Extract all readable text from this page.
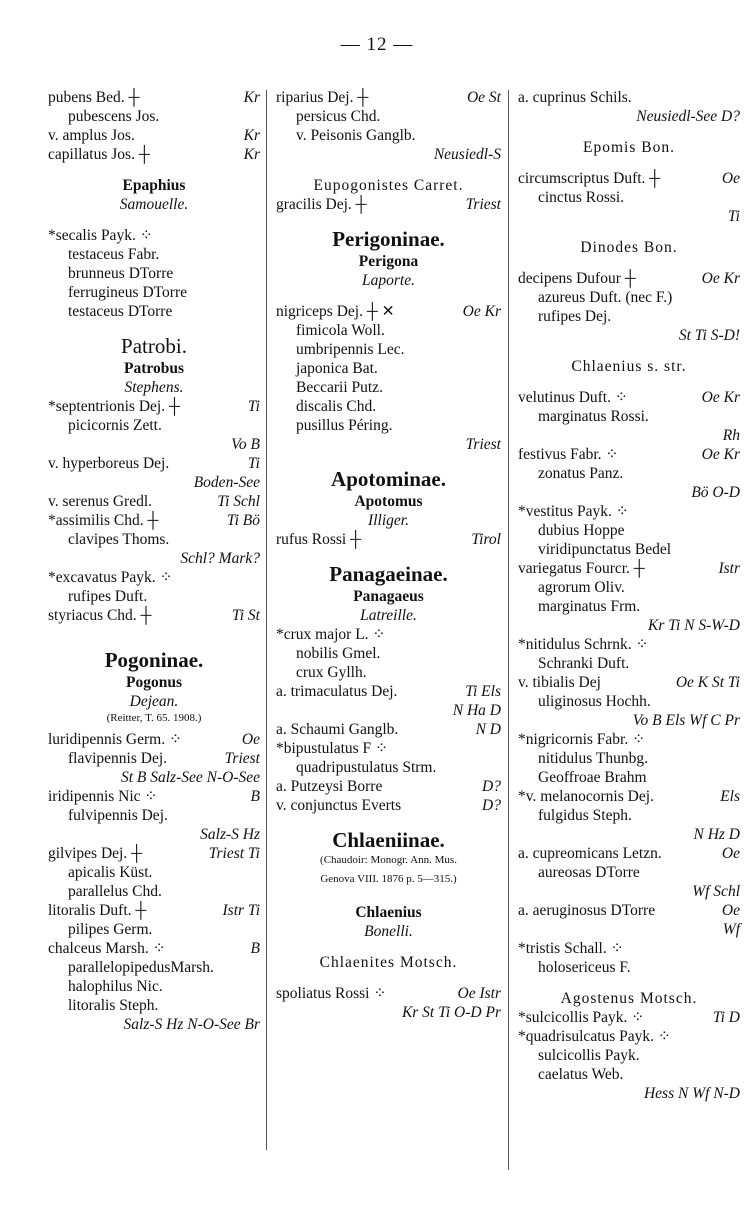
— 12 —
pubens Bed. ┼	Kr
pubescens Jos.
v. amplus Jos.	Kr
capillatus Jos. ┼	Kr
Epaphius
Samouelle.
*secalis Payk. ⁘
testaceus Fabr.
brunneus DTorre
ferrugineus DTorre
testaceus DTorre
Patrobi.
Patrobus
Stephens.
*septentrionis Dej. ┼	Ti
picicornis Zett.
Vo B
v. hyperboreus Dej.	Ti
Boden-See
v. serenus Gredl.	Ti Schl
*assimilis Chd. ┼	Ti Bö
clavipes Thoms.
Schl? Mark?
*excavatus Payk. ⁘
rufipes Duft.
styriacus Chd. ┼	Ti St
Pogoninae.
Pogonus
Dejean.
(Reitter, T. 65. 1908.)
luridipennis Germ. ⁘	Oe
flavipennis Dej.	Triest
St B Salz-See N-O-See
iridipennis Nic ⁘	B
fulvipennis Dej.
Salz-S Hz
gilvipes Dej. ┼	Triest Ti
apicalis Küst.
parallelus Chd.
litoralis Duft. ┼	Istr Ti
pilipes Germ.
chalceus Marsh. ⁘	B
parallelopipedusMarsh.
halophilus Nic.
litoralis Steph.
Salz-S Hz N-O-See Br
riparius Dej. ┼	Oe St
persicus Chd.
v. Peisonis Ganglb.
Neusiedl-S
Eupogonistes Carret.
gracilis Dej. ┼	Triest
Perigoninae.
Perigona
Laporte.
nigriceps Dej. ┼ ✕	Oe Kr
fimicola Woll.
umbripennis Lec.
japonica Bat.
Beccarii Putz.
discalis Chd.
pusillus Péring.
Triest
Apotominae.
Apotomus
Illiger.
rufus Rossi ┼	Tirol
Panagaeinae.
Panagaeus
Latreille.
*crux major L. ⁘
nobilis Gmel.
crux Gyllh.
a. trimaculatus Dej.	Ti Els
N Ha D
a. Schaumi Ganglb.	N D
*bipustulatus F ⁘
quadripustulatus Strm.
a. Putzeysi Borre	D?
v. conjunctus Everts	D?
Chlaeniinae.
(Chaudoir: Monogr. Ann. Mus.
Genova VIII. 1876 p. 5—315.)
Chlaenius
Bonelli.
Chlaenites Motsch.
spoliatus Rossi ⁘	Oe Istr
Kr St Ti O-D Pr
a. cuprinus Schils.
Neusiedl-See D?
Epomis Bon.
circumscriptus Duft. ┼	Oe
cinctus Rossi.
Ti
Dinodes Bon.
decipens Dufour ┼	Oe Kr
azureus Duft. (nec F.)
rufipes Dej.
St Ti S-D!
Chlaenius s. str.
velutinus Duft. ⁘	Oe Kr
marginatus Rossi.
Rh
festivus Fabr. ⁘	Oe Kr
zonatus Panz.
Bö O-D
*vestitus Payk. ⁘
dubius Hoppe
viridipunctatus Bedel
variegatus Fourcr. ┼	Istr
agrorum Oliv.
marginatus Frm.
Kr Ti N S-W-D
*nitidulus Schrnk. ⁘
Schranki Duft.
v. tibialis Dej	Oe K St Ti
uliginosus Hochh.
Vo B Els Wf C Pr
*nigricornis Fabr. ⁘
nitidulus Thunbg.
Geoffroae Brahm
*v. melanocornis Dej.	Els
fulgidus Steph.
N Hz D
a. cupreomicans Letzn.	Oe
aureosas DTorre
Wf Schl
a. aeruginosus DTorre	Oe
Wf
*tristis Schall. ⁘
holosericeus F.
Agostenus Motsch.
*sulcicollis Payk. ⁘	Ti D
*quadrisulcatus Payk. ⁘
sulcicollis Payk.
caelatus Web.
Hess N Wf N-D
